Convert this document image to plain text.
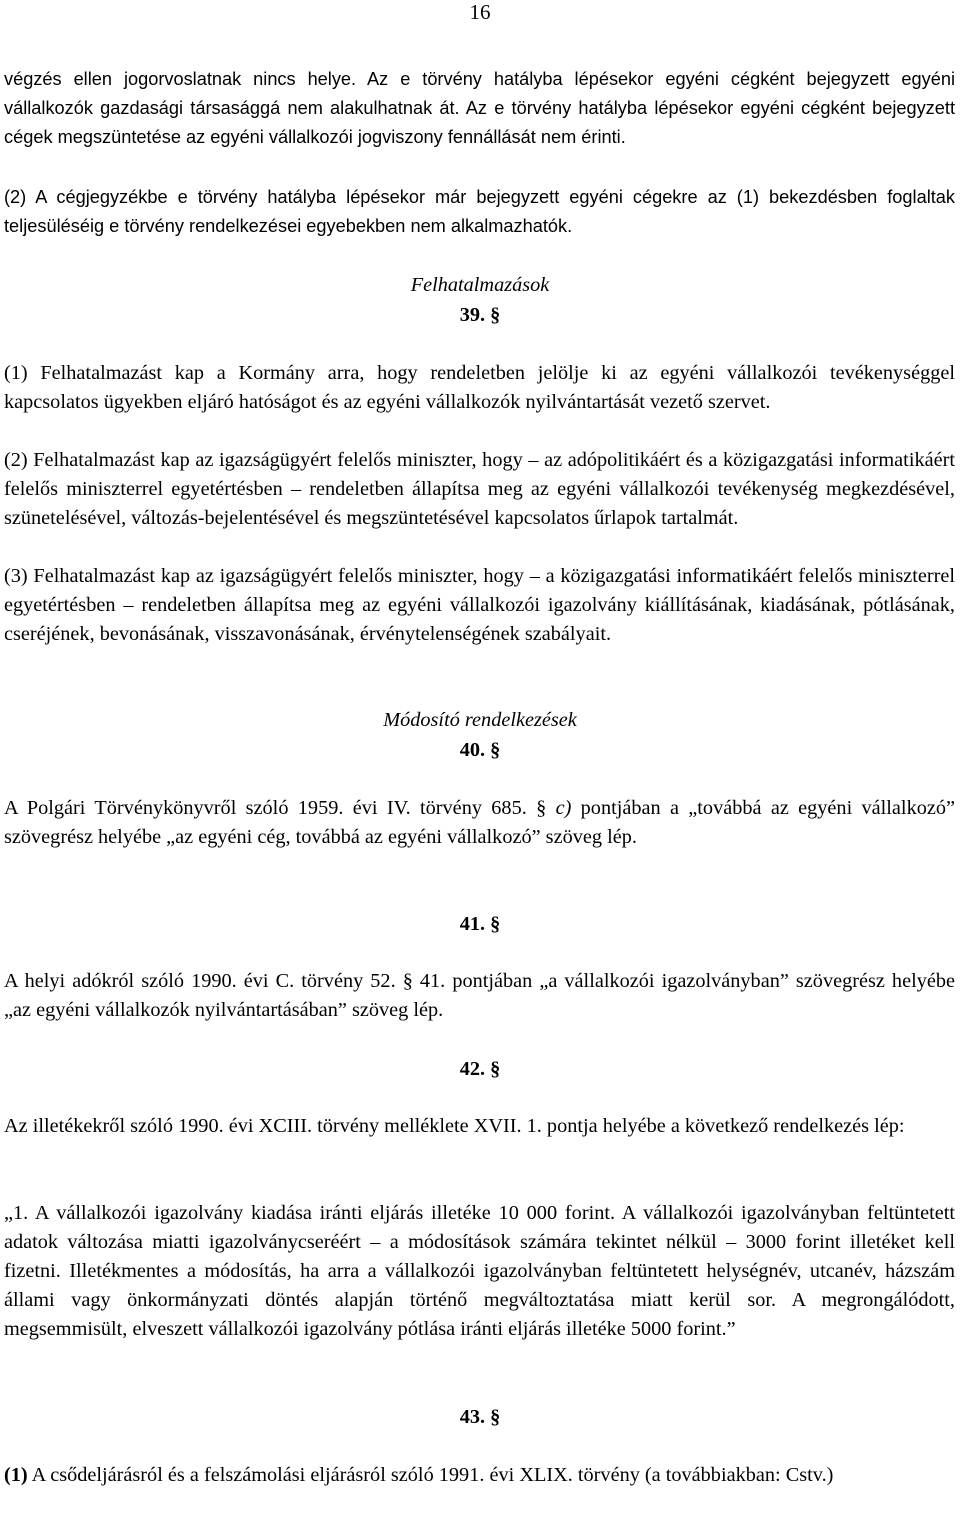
16

végzés ellen jogorvoslatnak nincs helye. Az e törvény hatályba lépésekor egyéni cégként bejegyzett egyéni vállalkozók gazdasági társasággá nem alakulhatnak át. Az e törvény hatályba lépésekor egyéni cégként bejegyzett cégek megszüntetése az egyéni vállalkozói jogviszony fennállását nem érinti.

(2) A cégjegyzékbe e törvény hatályba lépésekor már bejegyzett egyéni cégekre az (1) bekezdésben foglaltak teljesüléséig e törvény rendelkezései egyebekben nem alkalmazhatók.

Felhatalmazások
39. §

(1) Felhatalmazást kap a Kormány arra, hogy rendeletben jelölje ki az egyéni vállalkozói tevékenységgel kapcsolatos ügyekben eljáró hatóságot és az egyéni vállalkozók nyilvántartását vezető szervet.

(2) Felhatalmazást kap az igazságügyért felelős miniszter, hogy – az adópolitikáért és a közigazgatási informatikáért felelős miniszterrel egyetértésben – rendeletben állapítsa meg az egyéni vállalkozói tevékenység megkezdésével, szünetelésével, változás-bejelentésével és megszüntetésével kapcsolatos űrlapok tartalmát.

(3) Felhatalmazást kap az igazságügyért felelős miniszter, hogy – a közigazgatási informatikáért felelős miniszterrel egyetértésben – rendeletben állapítsa meg az egyéni vállalkozói igazolvány kiállításának, kiadásának, pótlásának, cseréjének, bevonásának, visszavonásának, érvénytelenségének szabályait.

Módosító rendelkezések
40. §

A Polgári Törvénykönyvről szóló 1959. évi IV. törvény 685. § c) pontjában a „továbbá az egyéni vállalkozó” szövegrész helyébe „az egyéni cég, továbbá az egyéni vállalkozó” szöveg lép.

41. §

A helyi adókról szóló 1990. évi C. törvény 52. § 41. pontjában „a vállalkozói igazolványban” szövegrész helyébe „az egyéni vállalkozók nyilvántartásában” szöveg lép.

42. §

Az illetékekről szóló 1990. évi XCIII. törvény melléklete XVII. 1. pontja helyébe a következő rendelkezés lép:

„1. A vállalkozói igazolvány kiadása iránti eljárás illetéke 10 000 forint. A vállalkozói igazolványban feltüntetett adatok változása miatti igazolványcseréért – a módosítások számára tekintet nélkül – 3000 forint illetéket kell fizetni. Illetékmentes a módosítás, ha arra a vállalkozói igazolványban feltüntetett helységnév, utcanév, házszám állami vagy önkormányzati döntés alapján történő megváltoztatása miatt kerül sor. A megrongálódott, megsemmisült, elveszett vállalkozói igazolvány pótlása iránti eljárás illetéke 5000 forint.”

43. §

(1) A csődeljárásról és a felszámolási eljárásról szóló 1991. évi XLIX. törvény (a továbbiakban: Cstv.)
